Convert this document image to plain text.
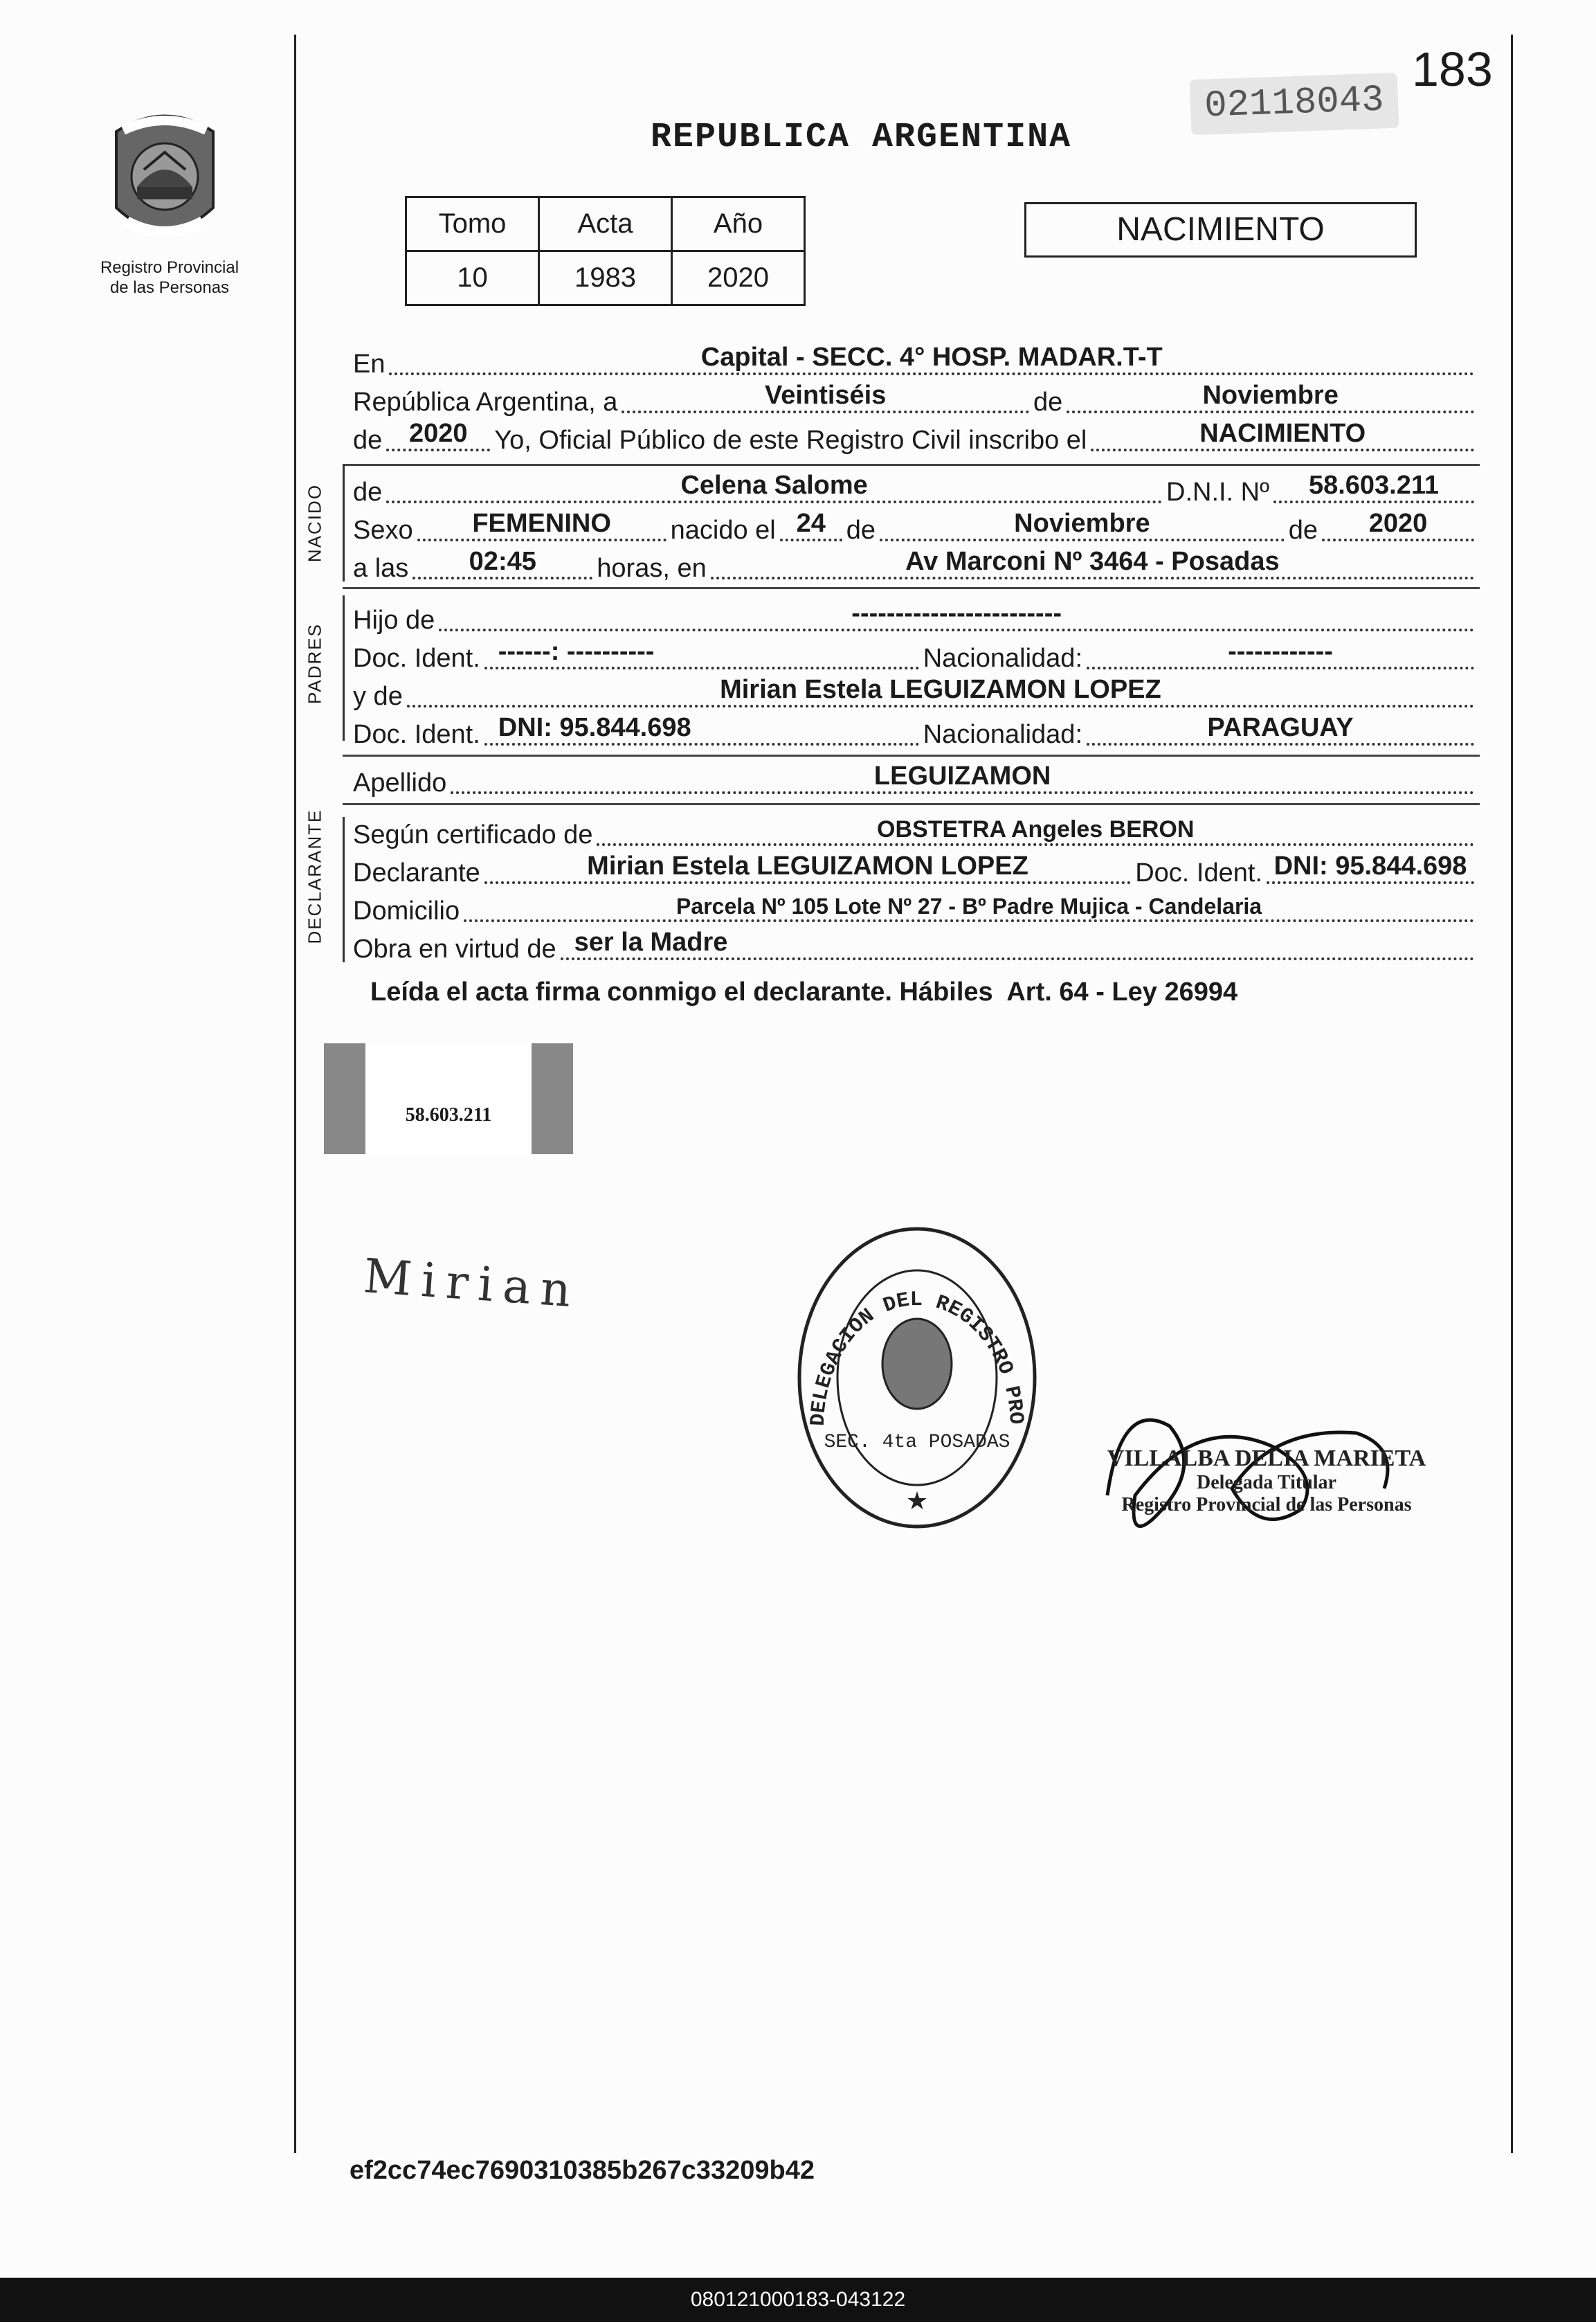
Registro Provincial
de las Personas
183
02118043
REPUBLICA ARGENTINA
Tomo	Acta	Año
10	1983	2020
NACIMIENTO
En	Capital - SECC. 4° HOSP. MADAR.T-T
República Argentina, a	Veintiséis	de	Noviembre
de	2020	Yo, Oficial Público de este Registro Civil inscribo el	NACIMIENTO
NACIDO de	Celena Salome	D.N.I. Nº	58.603.211
Sexo	FEMENINO	nacido el 24 de	Noviembre	de	2020
a las	02:45	horas, en	Av Marconi Nº 3464 - Posadas
PADRES
Hijo de	------------------------
Doc. Ident. ------: ----------	Nacionalidad:	------------
y de	Mirian Estela LEGUIZAMON LOPEZ
Doc. Ident. DNI: 95.844.698	Nacionalidad:	PARAGUAY
Apellido	LEGUIZAMON
DECLARANTE Según certificado de	OBSTETRA Angeles BERON
Declarante	Mirian Estela LEGUIZAMON LOPEZ	Doc. Ident. DNI: 95.844.698
Domicilio	Parcela Nº 105 Lote Nº 27 - Bº Padre Mujica - Candelaria
Obra en virtud de ser la Madre
Leída el acta firma conmigo el declarante. Hábiles  Art. 64 - Ley 26994
58.603.211
Mirian
DELEGACION DEL REGISTRO PRO
SEC. 4ta POSADAS
★
VILLALBA DELIA MARIETA
Delegada Titular
Registro Provincial de las Personas
ef2cc74ec7690310385b267c33209b42
080121000183-043122
